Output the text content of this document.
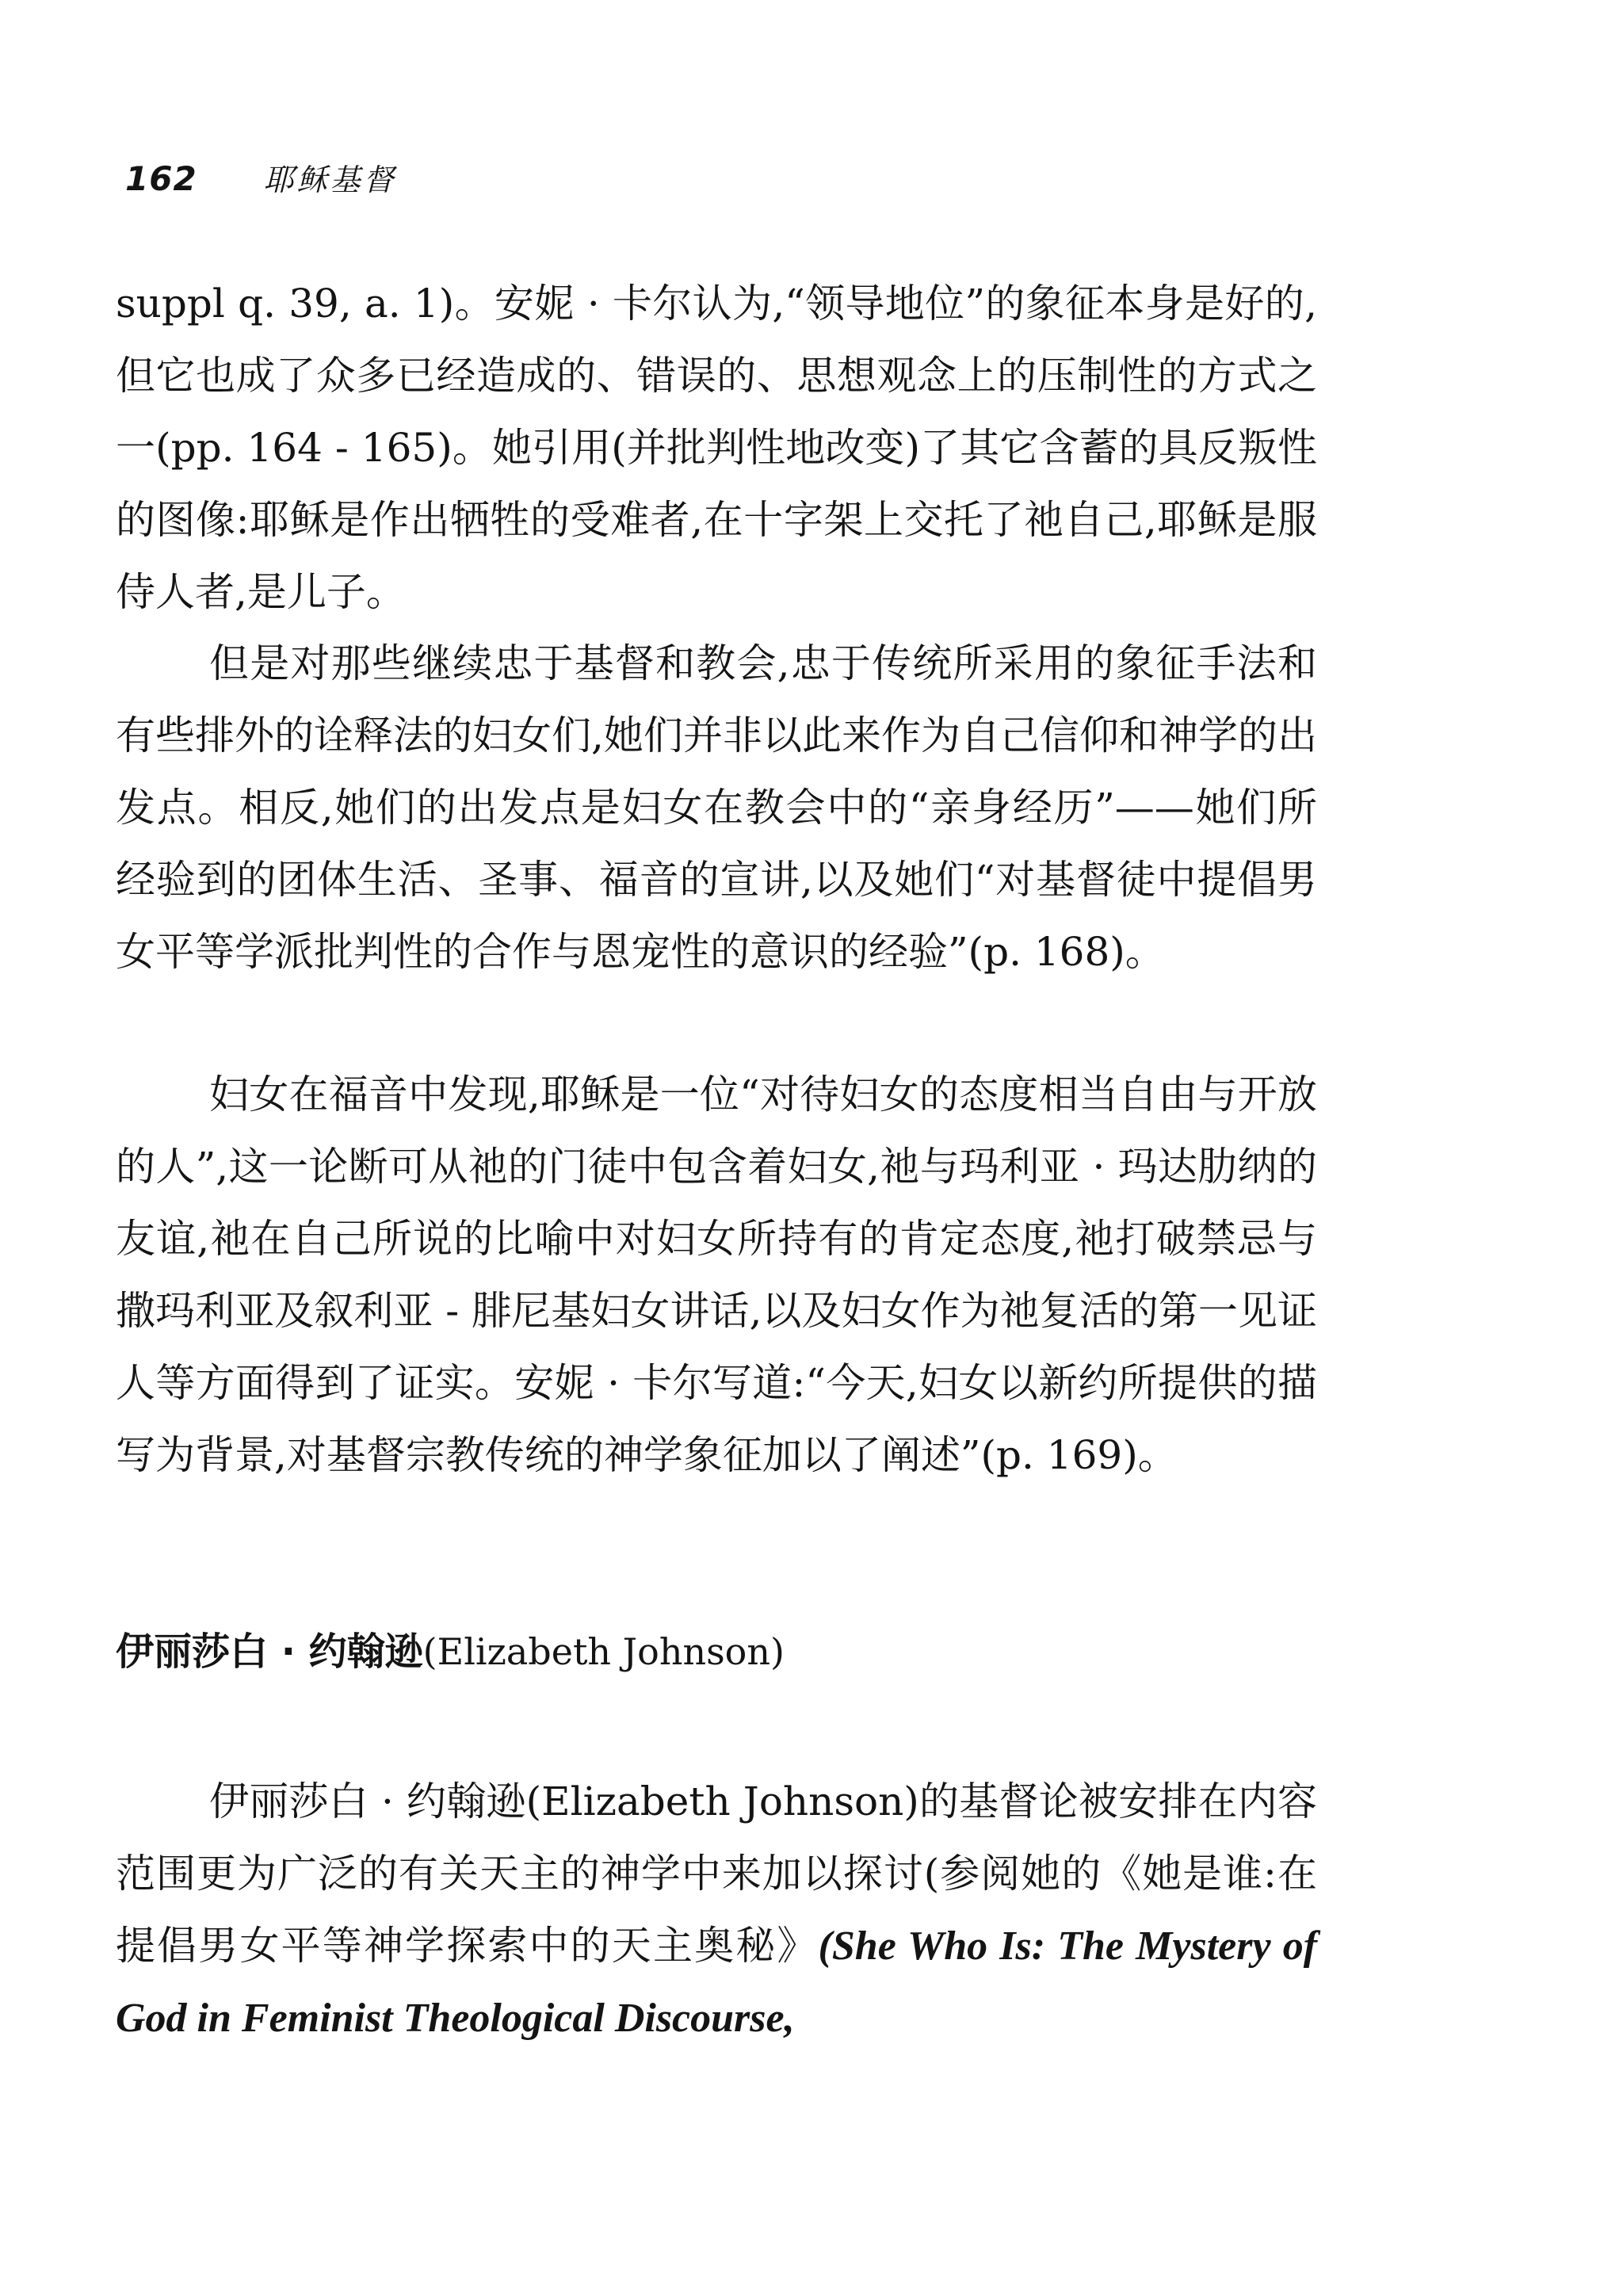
162 耶稣基督

suppl q. 39, a. 1)。安妮 · 卡尔认为,“领导地位”的象征本身是好的,但它也成了众多已经造成的、错误的、思想观念上的压制性的方式之一(pp. 164 - 165)。她引用(并批判性地改变)了其它含蓄的具反叛性的图像:耶稣是作出牺牲的受难者,在十字架上交托了祂自己,耶稣是服侍人者,是儿子。

但是对那些继续忠于基督和教会,忠于传统所采用的象征手法和有些排外的诠释法的妇女们,她们并非以此来作为自己信仰和神学的出发点。相反,她们的出发点是妇女在教会中的“亲身经历”——她们所经验到的团体生活、圣事、福音的宣讲,以及她们“对基督徒中提倡男女平等学派批判性的合作与恩宠性的意识的经验”(p. 168)。

妇女在福音中发现,耶稣是一位“对待妇女的态度相当自由与开放的人”,这一论断可从祂的门徒中包含着妇女,祂与玛利亚 · 玛达肋纳的友谊,祂在自己所说的比喻中对妇女所持有的肯定态度,祂打破禁忌与撒玛利亚及叙利亚 - 腓尼基妇女讲话,以及妇女作为祂复活的第一见证人等方面得到了证实。安妮 · 卡尔写道:“今天,妇女以新约所提供的描写为背景,对基督宗教传统的神学象征加以了阐述”(p. 169)。

伊丽莎白 · 约翰逊(Elizabeth Johnson)

伊丽莎白 · 约翰逊(Elizabeth Johnson)的基督论被安排在内容范围更为广泛的有关天主的神学中来加以探讨(参阅她的《她是谁:在提倡男女平等神学探索中的天主奥秘》(She Who Is: The Mystery of God in Feminist Theological Discourse,
